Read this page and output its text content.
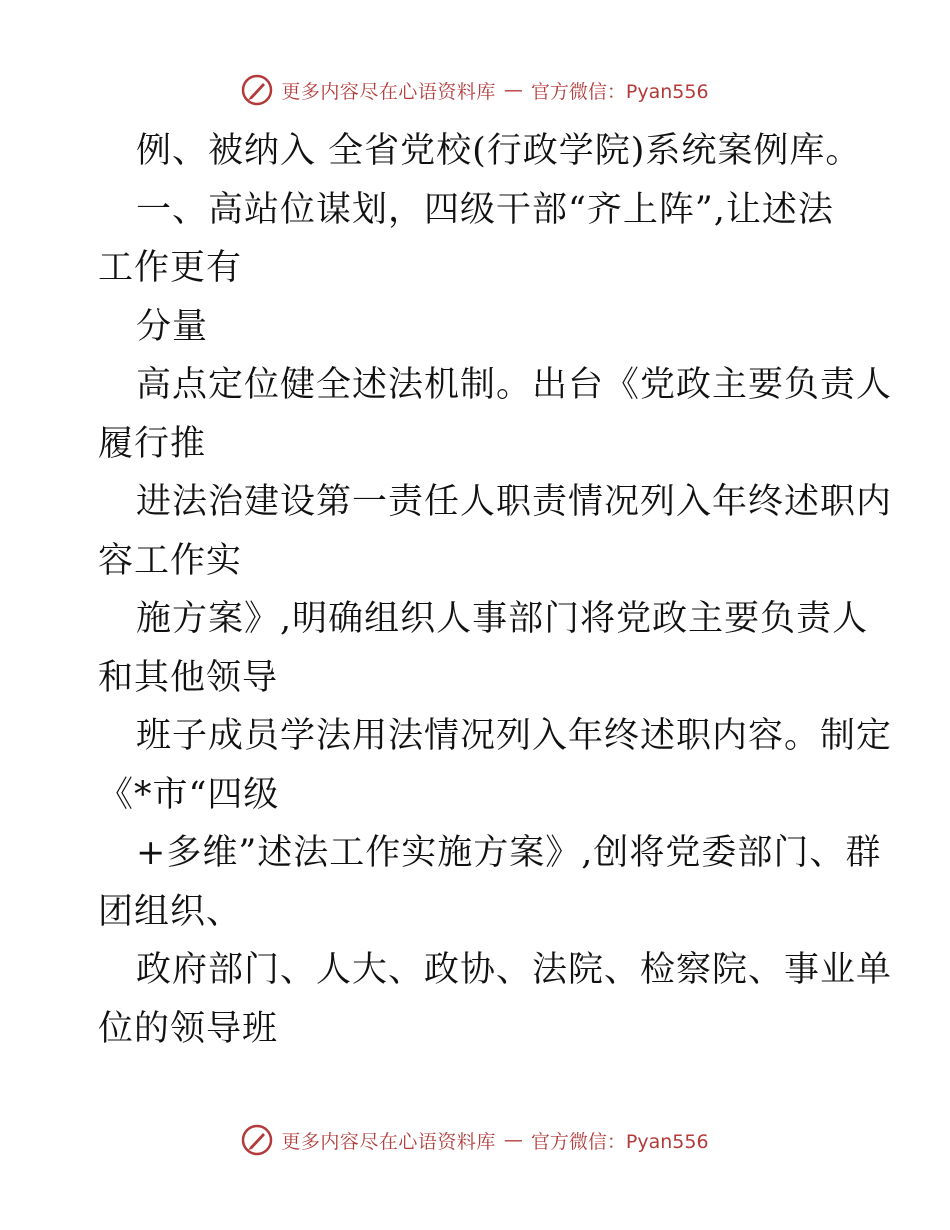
更多内容尽在心语资料库 — 官方微信：Pyan556
例、被纳入 全省党校(行政学院)系统案例库。
一、高站位谋划，四级干部“齐上阵”,让述法
工作更有
分量
高点定位健全述法机制。出台《党政主要负责人
履行推
进法治建设第一责任人职责情况列入年终述职内
容工作实
施方案》,明确组织人事部门将党政主要负责人
和其他领导
班子成员学法用法情况列入年终述职内容。制定
《*市“四级
+多维”述法工作实施方案》,创将党委部门、群
团组织、
政府部门、人大、政协、法院、检察院、事业单
位的领导班
更多内容尽在心语资料库 — 官方微信：Pyan556
